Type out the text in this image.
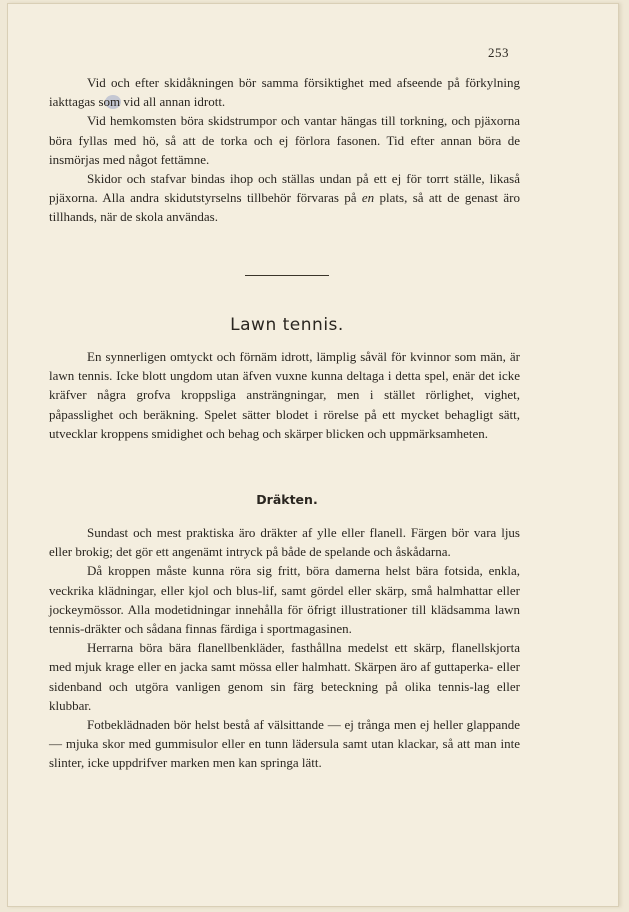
253

Vid och efter skidåkningen bör samma försiktighet med afseende på förkylning iakttagas som vid all annan idrott.

Vid hemkomsten böra skidstrumpor och vantar hängas till torkning, och pjäxorna böra fyllas med hö, så att de torka och ej förlora fasonen. Tid efter annan böra de insmörjas med något fettämne.

Skidor och stafvar bindas ihop och ställas undan på ett ej för torrt ställe, likaså pjäxorna. Alla andra skidutstyrselns tillbehör förvaras på en plats, så att de genast äro tillhands, när de skola användas.

Lawn tennis.

En synnerligen omtyckt och förnäm idrott, lämplig såväl för kvinnor som män, är lawn tennis. Icke blott ungdom utan äfven vuxne kunna deltaga i detta spel, enär det icke kräfver några grofva kroppsliga ansträngningar, men i stället rörlighet, vighet, påpasslighet och beräkning. Spelet sätter blodet i rörelse på ett mycket behagligt sätt, utvecklar kroppens smidighet och behag och skärper blicken och uppmärksamheten.

Dräkten.

Sundast och mest praktiska äro dräkter af ylle eller flanell. Färgen bör vara ljus eller brokig; det gör ett angenämt intryck på både de spelande och åskådarna.

Då kroppen måste kunna röra sig fritt, böra damerna helst bära fotsida, enkla, veckrika klädningar, eller kjol och blus-lif, samt gördel eller skärp, små halmhattar eller jockeymössor. Alla modetidningar innehålla för öfrigt illustrationer till klädsamma lawn tennis-dräkter och sådana finnas färdiga i sportmagasinen.

Herrarna böra bära flanellbenkläder, fasthållna medelst ett skärp, flanellskjorta med mjuk krage eller en jacka samt mössa eller halmhatt. Skärpen äro af guttaperka- eller sidenband och utgöra vanligen genom sin färg beteckning på olika tennis-lag eller klubbar.

Fotbeklädnaden bör helst bestå af välsittande — ej trånga men ej heller glappande — mjuka skor med gummisulor eller en tunn lädersula samt utan klackar, så att man inte slinter, icke uppdrifver marken men kan springa lätt.
